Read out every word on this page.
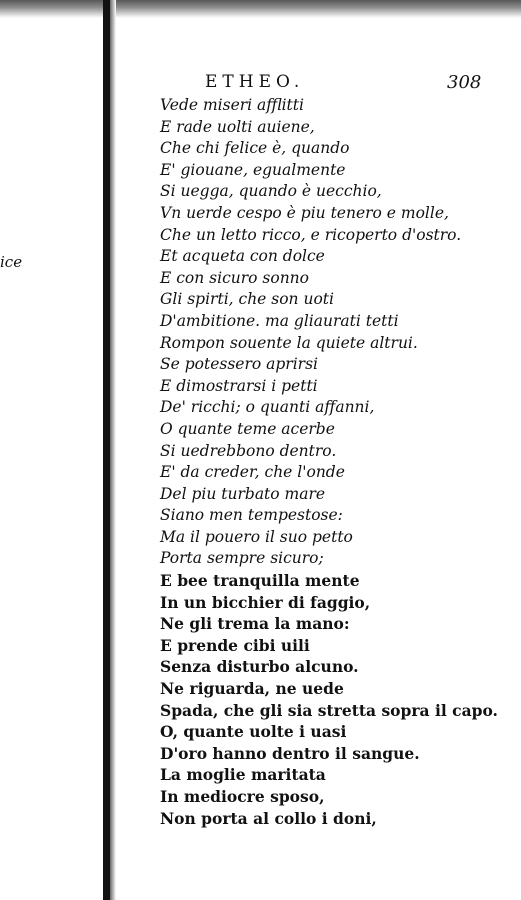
ice
ETHEO.	308
Vede miseri afflitti
E rade uolti auiene,
Che chi felice è, quando
E' giouane, egualmente
Si uegga, quando è uecchio,
Vn uerde cespo è piu tenero e molle,
Che un letto ricco, e ricoperto d'ostro.
Et acqueta con dolce
E con sicuro sonno
Gli spirti, che son uoti
D'ambitione. ma gliaurati tetti
Rompon souente la quiete altrui.
Se potessero aprirsi
E dimostrarsi i petti
De' ricchi; o quanti affanni,
O quante teme acerbe
Si uedrebbono dentro.
E' da creder, che l'onde
Del piu turbato mare
Siano men tempestose:
Ma il pouero il suo petto
Porta sempre sicuro;
E bee tranquilla mente
In un bicchier di faggio,
Ne gli trema la mano:
E prende cibi uili
Senza disturbo alcuno.
Ne riguarda, ne uede
Spada, che gli sia stretta sopra il capo.
O, quante uolte i uasi
D'oro hanno dentro il sangue.
La moglie maritata
In mediocre sposo,
Non porta al collo i doni,
